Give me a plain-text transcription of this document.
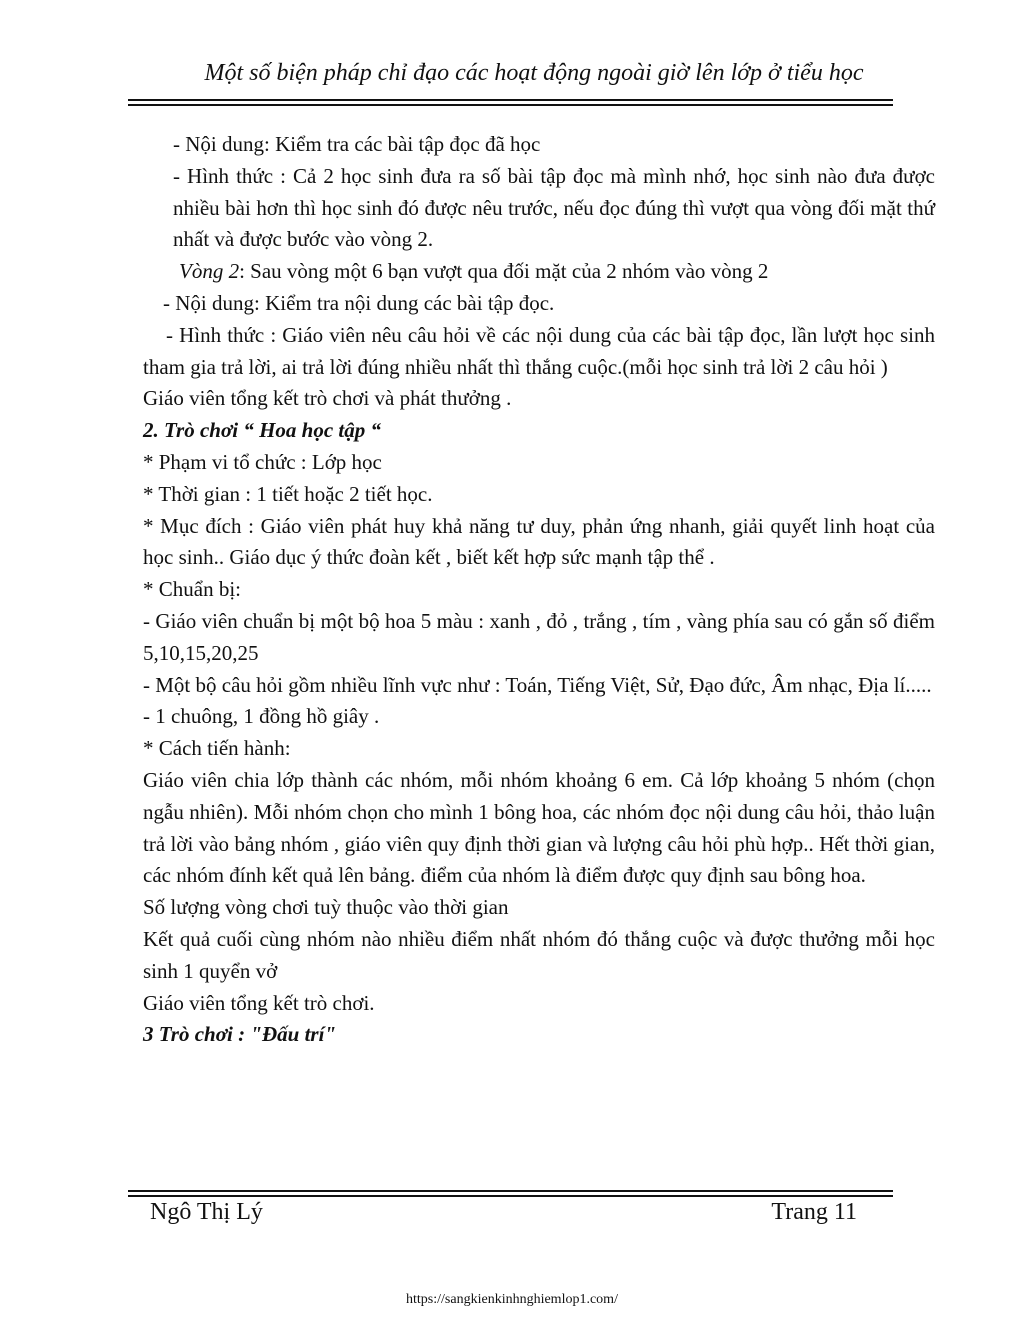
Một số biện pháp chỉ đạo các hoạt động ngoài giờ lên lớp ở tiểu học
- Nội dung: Kiểm tra các bài tập đọc đã học
- Hình thức : Cả 2 học sinh đưa ra số bài tập đọc mà mình nhớ, học sinh nào đưa được nhiều bài hơn thì học sinh đó được nêu trước, nếu đọc đúng thì vượt qua vòng đối mặt thứ nhất và được bước vào vòng 2.
Vòng 2: Sau vòng một 6 bạn vượt qua đối mặt của 2 nhóm vào vòng 2
- Nội dung: Kiểm tra nội dung các bài tập đọc.
- Hình thức : Giáo viên nêu câu hỏi về các nội dung của các bài tập đọc, lần lượt học sinh tham gia trả lời, ai trả lời đúng nhiều nhất thì thắng cuộc.(mỗi học sinh trả lời 2 câu hỏi )
Giáo viên tổng kết trò chơi và phát thưởng .
2. Trò chơi “ Hoa học tập “
* Phạm vi tổ chức : Lớp học
* Thời gian : 1 tiết hoặc 2 tiết học.
* Mục đích : Giáo viên phát huy khả năng tư duy, phản ứng nhanh, giải quyết linh hoạt của học sinh.. Giáo dục ý thức đoàn kết , biết kết hợp sức mạnh tập thể .
* Chuẩn bị:
- Giáo viên chuẩn bị một bộ hoa 5 màu : xanh , đỏ , trắng , tím , vàng phía sau có gắn số điểm 5,10,15,20,25
- Một bộ câu hỏi gồm nhiều lĩnh vực như : Toán, Tiếng Việt, Sử, Đạo đức, Âm nhạc, Địa lí.....
- 1 chuông, 1 đồng hồ giây .
* Cách tiến hành:
Giáo viên chia lớp thành các nhóm, mỗi nhóm khoảng 6 em. Cả lớp khoảng 5 nhóm (chọn ngẫu nhiên). Mỗi nhóm chọn cho mình 1 bông hoa, các nhóm đọc nội dung câu hỏi, thảo luận trả lời vào bảng nhóm , giáo viên quy định thời gian và lượng câu hỏi phù hợp.. Hết thời gian, các nhóm đính kết quả lên bảng. điểm của nhóm là điểm được quy định sau bông hoa.
Số lượng vòng chơi tuỳ thuộc vào thời gian
Kết quả cuối cùng nhóm nào nhiều điểm nhất nhóm đó thắng cuộc và được thưởng mỗi học sinh 1 quyển vở
Giáo viên tổng kết trò chơi.
3 Trò chơi : "Đấu trí"
Ngô Thị Lý	Trang 11
https://sangkienkinhnghiemlop1.com/
